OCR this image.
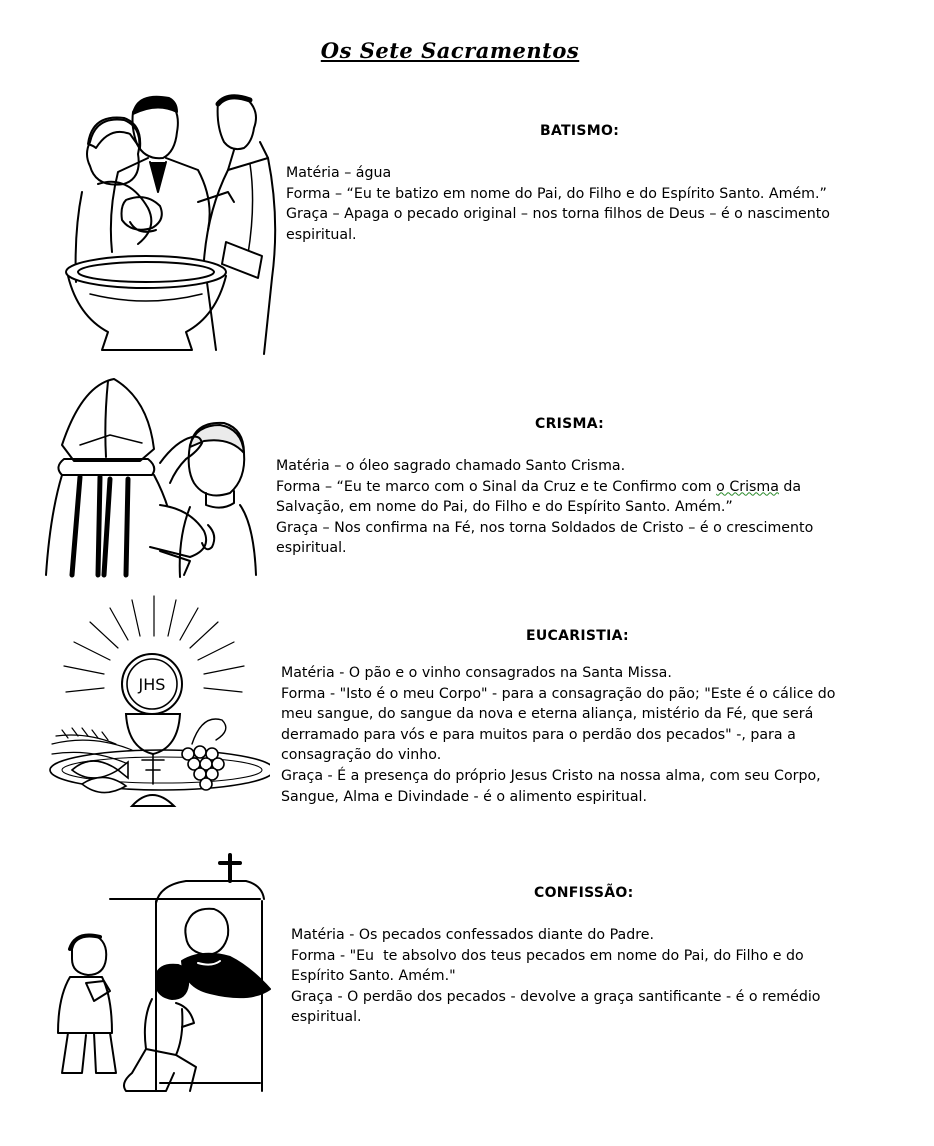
Os Sete Sacramentos
BATISMO:
Matéria – água
Forma – “Eu te batizo em nome do Pai, do Filho e do Espírito Santo. Amém.”
Graça – Apaga o pecado original – nos torna filhos de Deus – é o nascimento espiritual.
CRISMA:
Matéria – o óleo sagrado chamado Santo Crisma.
Forma – “Eu te marco com o Sinal da Cruz e te Confirmo com o Crisma da Salvação, em nome do Pai, do Filho e do Espírito Santo. Amém.”
Graça – Nos confirma na Fé, nos torna Soldados de Cristo – é o crescimento espiritual.
JHS
EUCARISTIA:
Matéria - O pão e o vinho consagrados na Santa Missa.
Forma - "Isto é o meu Corpo" - para a consagração do pão; "Este é o cálice do meu sangue, do sangue da nova e eterna aliança, mistério da Fé, que será derramado para vós e para muitos para o perdão dos pecados" -, para a consagração do vinho.
Graça - É a presença do próprio Jesus Cristo na nossa alma, com seu Corpo, Sangue, Alma e Divindade - é o alimento espiritual.
CONFISSÃO:
Matéria - Os pecados confessados diante do Padre.
Forma - "Eu  te absolvo dos teus pecados em nome do Pai, do Filho e do Espírito Santo. Amém."
Graça - O perdão dos pecados - devolve a graça santificante - é o remédio espiritual.
